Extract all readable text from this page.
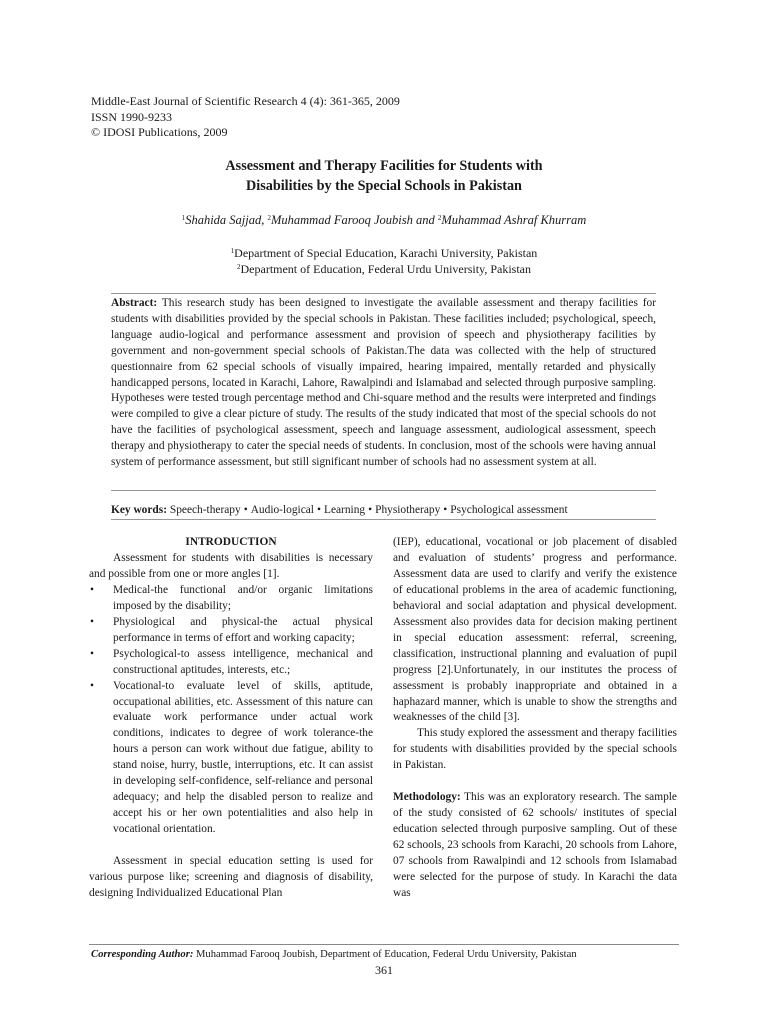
Middle-East Journal of Scientific Research 4 (4): 361-365, 2009
ISSN 1990-9233
© IDOSI Publications, 2009
Assessment and Therapy Facilities for Students with
Disabilities by the Special Schools in Pakistan
$^1$Shahida Sajjad, $^2$Muhammad Farooq Joubish and $^2$Muhammad Ashraf Khurram
$^1$Department of Special Education, Karachi University, Pakistan
$^2$Department of Education, Federal Urdu University, Pakistan
Abstract: This research study has been designed to investigate the available assessment and therapy facilities for students with disabilities provided by the special schools in Pakistan. These facilities included; psychological, speech, language audio-logical and performance assessment and provision of speech and physiotherapy facilities by government and non-government special schools of Pakistan.The data was collected with the help of structured questionnaire from 62 special schools of visually impaired, hearing impaired, mentally retarded and physically handicapped persons, located in Karachi, Lahore, Rawalpindi and Islamabad and selected through purposive sampling. Hypotheses were tested trough percentage method and Chi-square method and the results were interpreted and findings were compiled to give a clear picture of study. The results of the study indicated that most of the special schools do not have the facilities of psychological assessment, speech and language assessment, audiological assessment, speech therapy and physiotherapy to cater the special needs of students. In conclusion, most of the schools were having annual system of performance assessment, but still significant number of schools had no assessment system at all.
Key words: Speech-therapy • Audio-logical • Learning • Physiotherapy • Psychological assessment

INTRODUCTION

Assessment for students with disabilities is necessary and possible from one or more angles [1].

• Medical-the functional and/or organic limitations imposed by the disability;
• Physiological and physical-the actual physical performance in terms of effort and working capacity;
• Psychological-to assess intelligence, mechanical and constructional aptitudes, interests, etc.;
• Vocational-to evaluate level of skills, aptitude, occupational abilities, etc. Assessment of this nature can evaluate work performance under actual work conditions, indicates to degree of work tolerance-the hours a person can work without due fatigue, ability to stand noise, hurry, bustle, interruptions, etc. It can assist in developing self-confidence, self-reliance and personal adequacy; and help the disabled person to realize and accept his or her own potentialities and also help in vocational orientation.

Assessment in special education setting is used for various purpose like; screening and diagnosis of disability, designing Individualized Educational Plan

(IEP), educational, vocational or job placement of disabled and evaluation of students’ progress and performance. Assessment data are used to clarify and verify the existence of educational problems in the area of academic functioning, behavioral and social adaptation and physical development. Assessment also provides data for decision making pertinent in special education assessment: referral, screening, classification, instructional planning and evaluation of pupil progress [2].Unfortunately, in our institutes the process of assessment is probably inappropriate and obtained in a haphazard manner, which is unable to show the strengths and weaknesses of the child [3].

This study explored the assessment and therapy facilities for students with disabilities provided by the special schools in Pakistan.

Methodology: This was an exploratory research. The sample of the study consisted of 62 schools/ institutes of special education selected through purposive sampling. Out of these 62 schools, 23 schools from Karachi, 20 schools from Lahore, 07 schools from Rawalpindi and 12 schools from Islamabad were selected for the purpose of study. In Karachi the data was

Corresponding Author: Muhammad Farooq Joubish, Department of Education, Federal Urdu University, Pakistan
361
